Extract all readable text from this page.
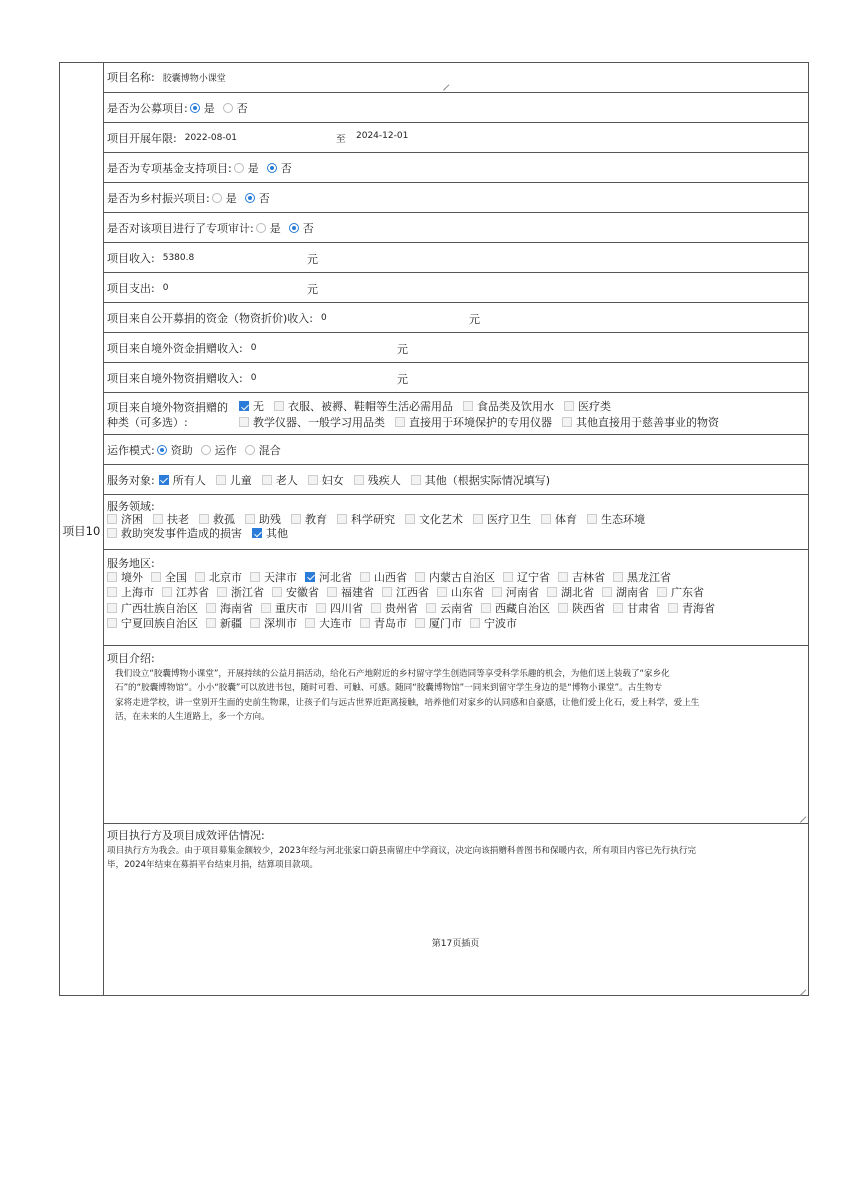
项目10
项目名称: 胶囊博物小课堂
是否为公募项目: 是 否
项目开展年限: 2022-08-01	至 2024-12-01
是否为专项基金支持项目: 是 否
是否为乡村振兴项目: 是 否
是否对该项目进行了专项审计: 是 否
项目收入: 5380.8	元
项目支出: 0	元
项目来自公开募捐的资金（物资折价)收入: 0	元
项目来自境外资金捐赠收入: 0	元
项目来自境外物资捐赠收入: 0	元
项目来自境外物资捐赠的
种类（可多选）:
无 衣服、被褥、鞋帽等生活必需用品 食品类及饮用水 医疗类
教学仪器、一般学习用品类 直接用于环境保护的专用仪器 其他直接用于慈善事业的物资
运作模式: 资助 运作 混合
服务对象: 所有人 儿童 老人 妇女 残疾人 其他（根据实际情况填写)
服务领域:
济困 扶老 救孤 助残 教育 科学研究 文化艺术 医疗卫生 体育 生态环境
救助突发事件造成的损害 其他
服务地区:
境外 全国 北京市 天津市 河北省 山西省 内蒙古自治区 辽宁省 吉林省 黑龙江省
上海市 江苏省 浙江省 安徽省 福建省 江西省 山东省 河南省 湖北省 湖南省 广东省
广西壮族自治区 海南省 重庆市 四川省 贵州省 云南省 西藏自治区 陕西省 甘肃省 青海省
宁夏回族自治区 新疆 深圳市 大连市 青岛市 厦门市 宁波市
项目介绍:
我们设立“胶囊博物小课堂”，开展持续的公益月捐活动，给化石产地附近的乡村留守学生创造同等享受科学乐趣的机会，为他们送上装载了“家乡化
石”的“胶囊博物馆”。小小“胶囊”可以放进书包，随时可看、可触、可感。随同“胶囊博物馆”一同来到留守学生身边的是“博物小课堂”。古生物专
家将走进学校，讲一堂别开生面的史前生物课，让孩子们与远古世界近距离接触，培养他们对家乡的认同感和自豪感，让他们爱上化石，爱上科学，爱上生
活，在未来的人生道路上，多一个方向。
项目执行方及项目成效评估情况:
项目执行方为我会。由于项目募集金额较少，2023年经与河北张家口蔚县南留庄中学商议，决定向该捐赠科普图书和保暖内衣，所有项目内容已先行执行完
毕，2024年结束在募捐平台结束月捐，结算项目款项。
第17页插页
